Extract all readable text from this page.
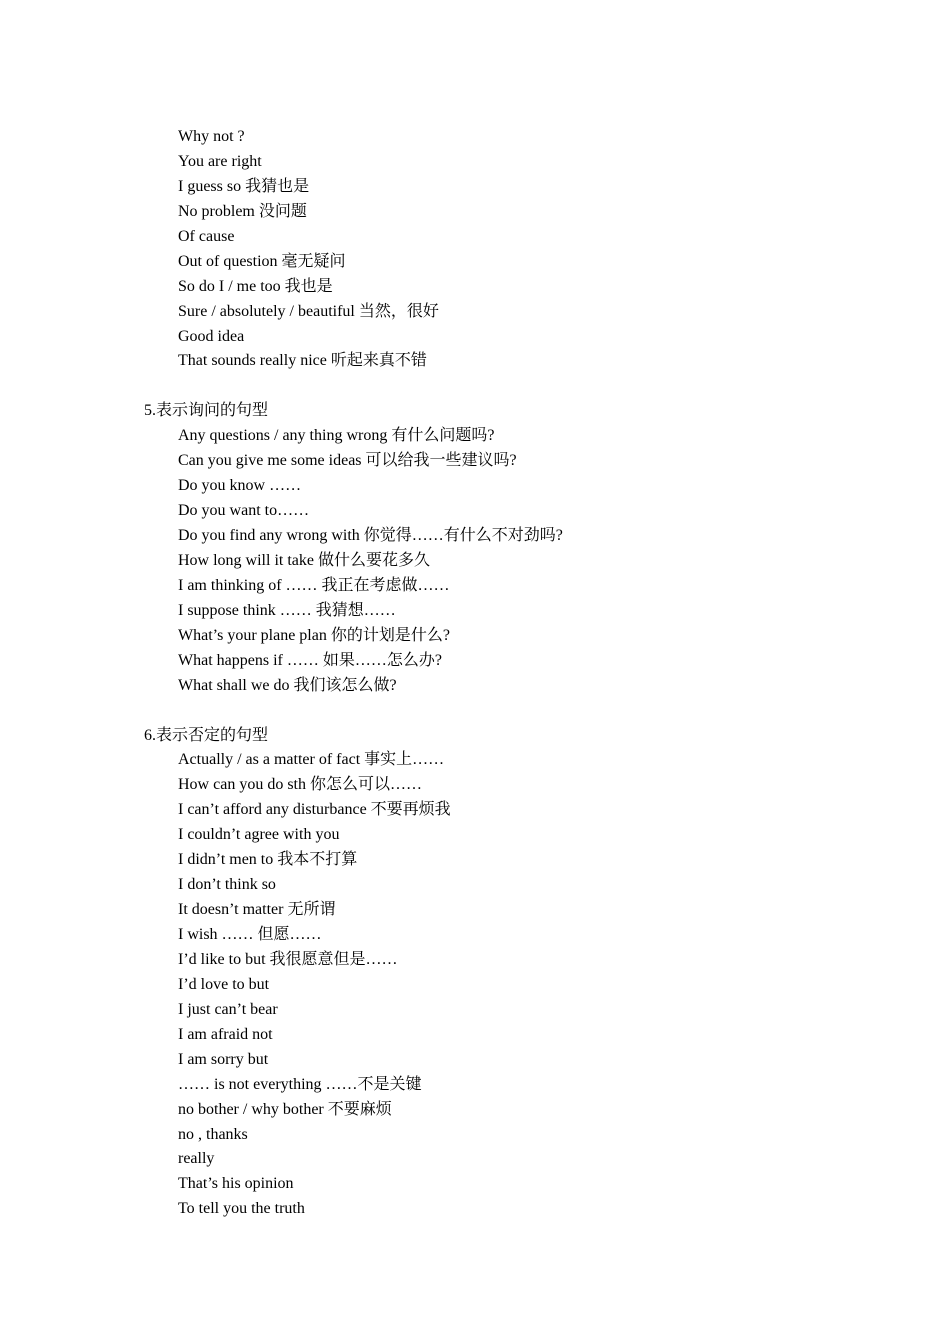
Why not ?
You are right
I guess so 我猜也是
No problem 没问题
Of cause
Out of question 毫无疑问
So do I / me too 我也是
Sure / absolutely / beautiful 当然，很好
Good idea
That sounds really nice 听起来真不错
5.表示询问的句型
Any questions / any thing wrong 有什么问题吗?
Can you give me some ideas 可以给我一些建议吗?
Do you know ……
Do you want to……
Do you find any wrong with 你觉得……有什么不对劲吗?
How long will it take 做什么要花多久
I am thinking of …… 我正在考虑做……
I suppose think …… 我猜想……
What’s your plane plan 你的计划是什么?
What happens if …… 如果……怎么办?
What shall we do 我们该怎么做?
6.表示否定的句型
Actually / as a matter of fact 事实上……
How can you do sth 你怎么可以……
I can’t afford any disturbance 不要再烦我
I couldn’t agree with you
I didn’t men to 我本不打算
I don’t think so
It doesn’t matter 无所谓
I wish …… 但愿……
I’d like to but 我很愿意但是……
I’d love to but
I just can’t bear
I am afraid not
I am sorry but
…… is not everything ……不是关键
no bother / why bother 不要麻烦
no , thanks
really
That’s his opinion
To tell you the truth
